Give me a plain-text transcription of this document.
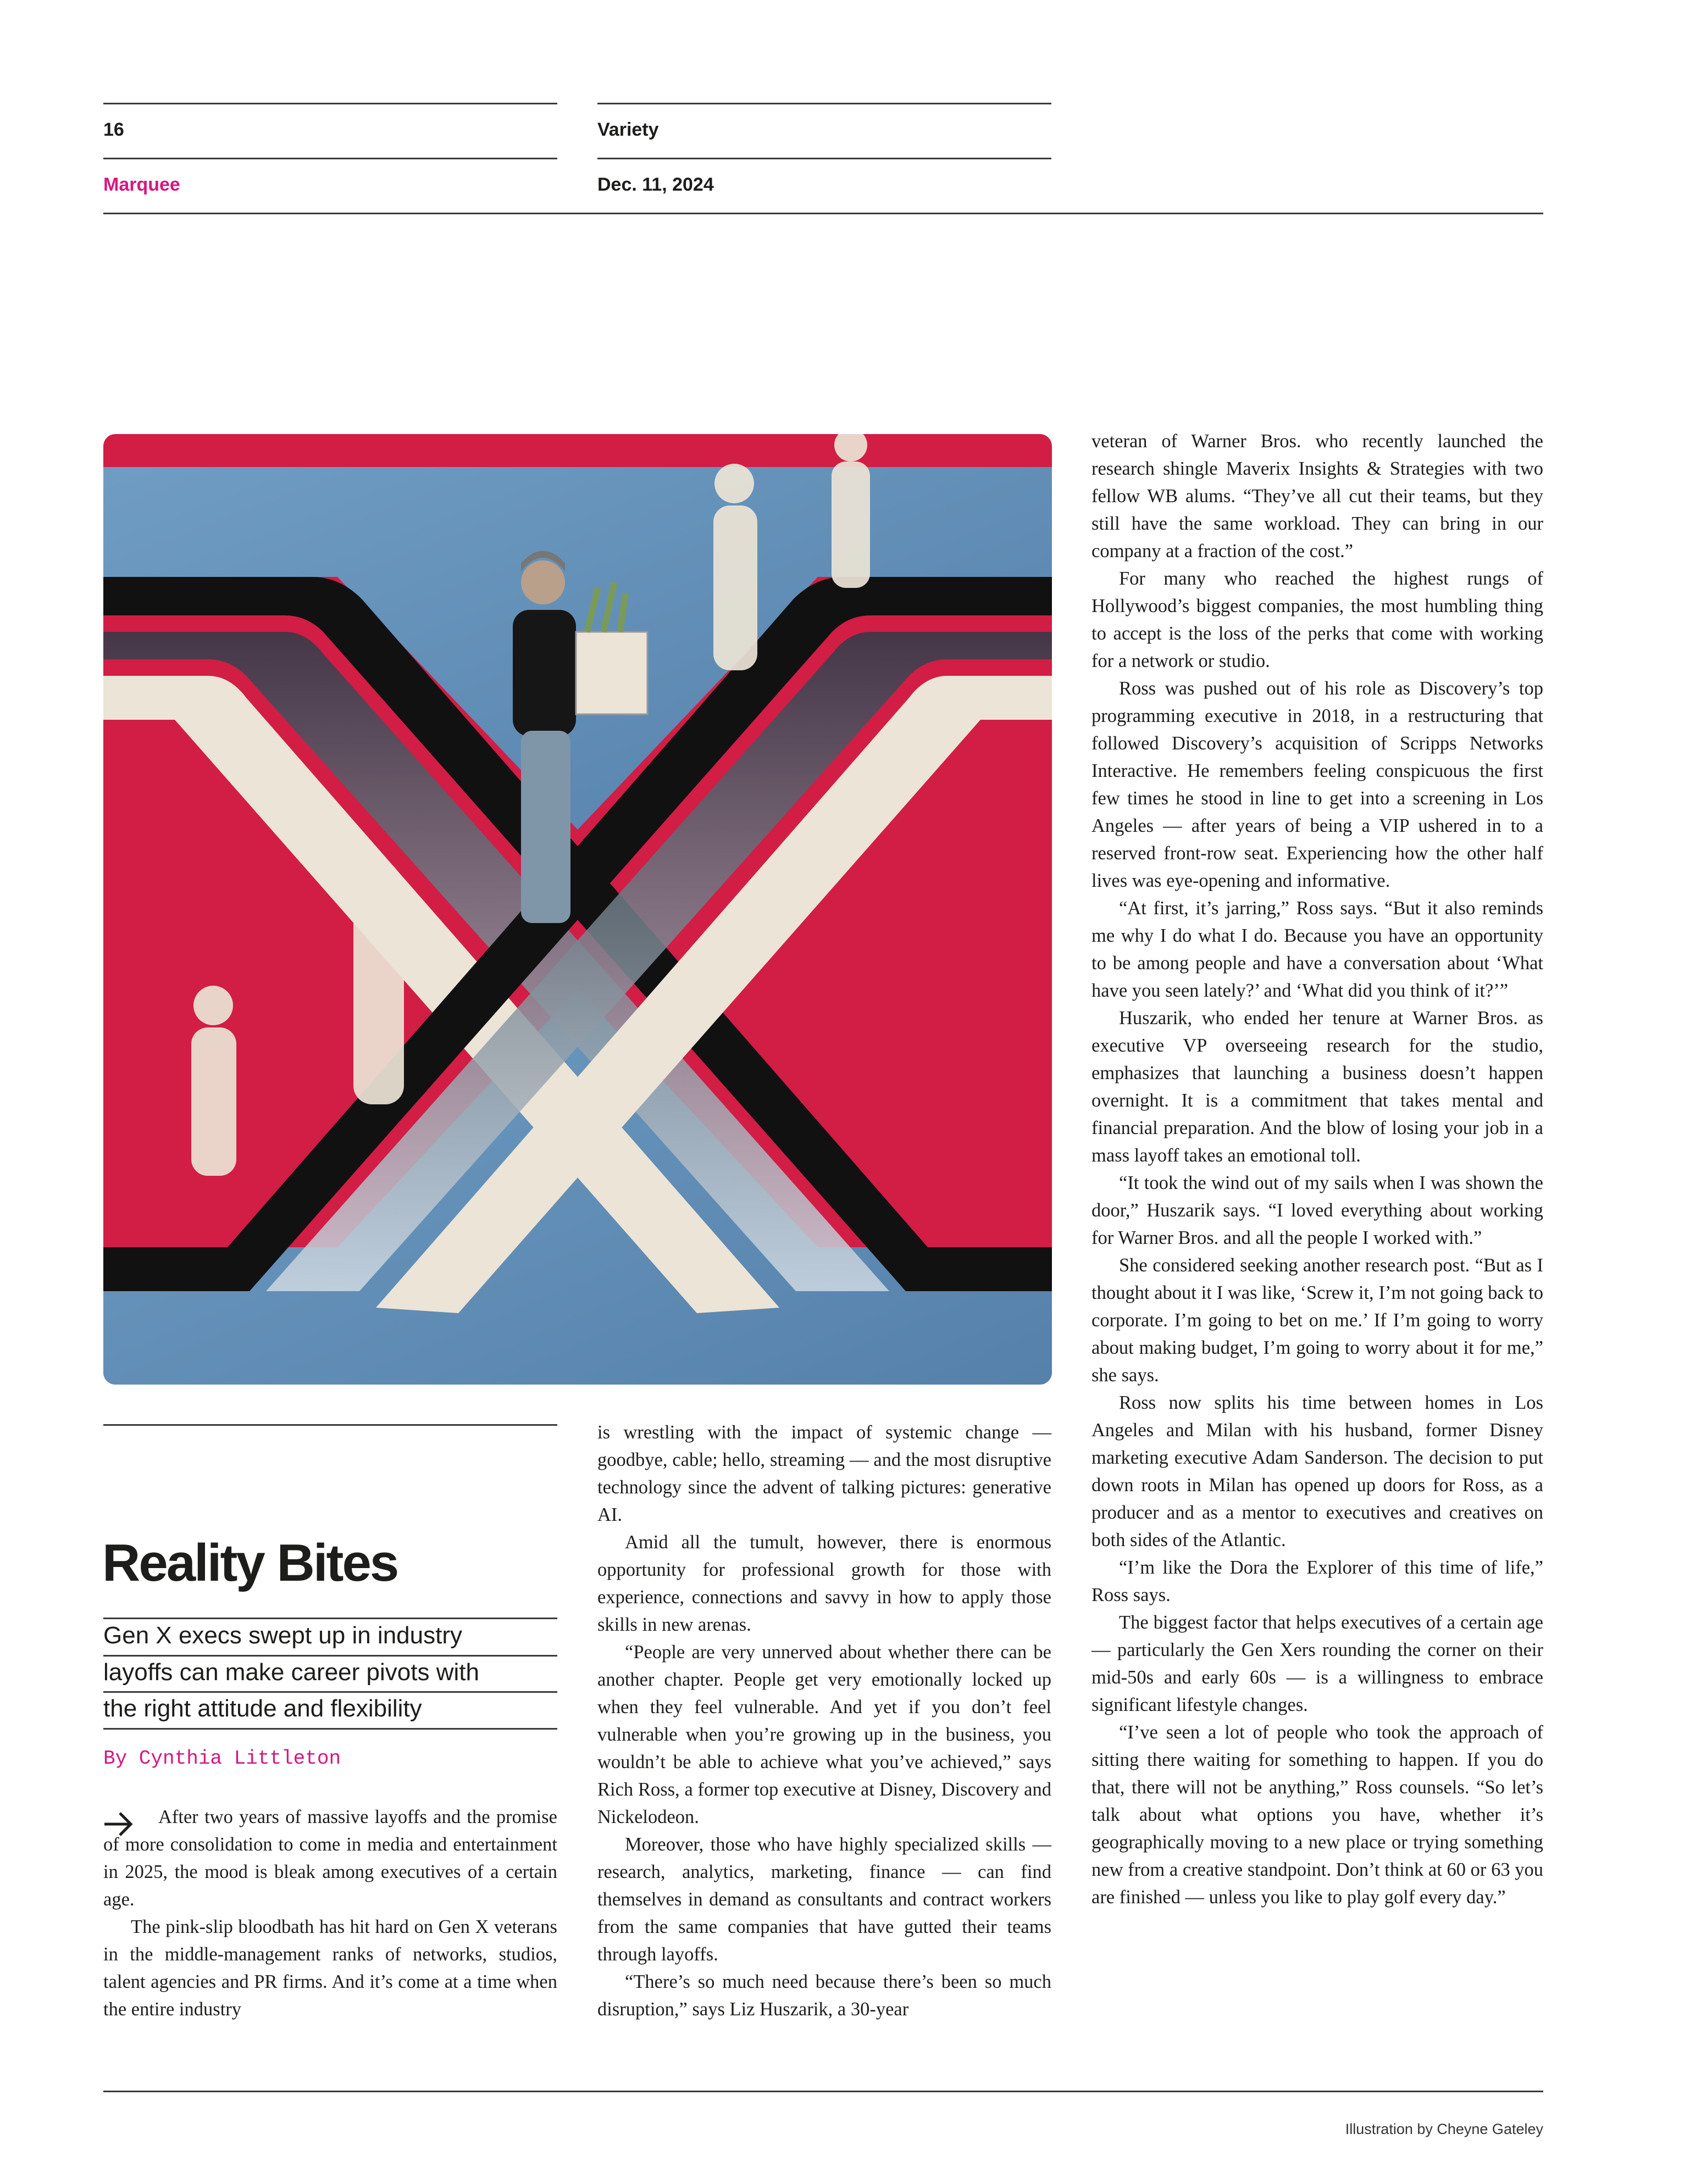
16	Variety
Marquee	Dec. 11, 2024
Reality Bites
Gen X execs swept up in industry
layoffs can make career pivots with
the right attitude and flexibility
By Cynthia Littleton

After two years of massive layoffs and the promise of more consolidation to come in media and entertainment in 2025, the mood is bleak among executives of a certain age.

The pink-slip bloodbath has hit hard on Gen X veterans in the middle-management ranks of networks, studios, talent agencies and PR firms. And it’s come at a time when the entire industry

is wrestling with the impact of systemic change — goodbye, cable; hello, streaming — and the most disruptive technology since the advent of talking pictures: generative AI.

Amid all the tumult, however, there is enormous opportunity for professional growth for those with experience, connections and savvy in how to apply those skills in new arenas.

“People are very unnerved about whether there can be another chapter. People get very emotionally locked up when they feel vulnerable. And yet if you don’t feel vulnerable when you’re growing up in the business, you wouldn’t be able to achieve what you’ve achieved,” says Rich Ross, a former top executive at Disney, Discovery and Nickelodeon.

Moreover, those who have highly specialized skills — research, analytics, marketing, finance — can find themselves in demand as consultants and contract workers from the same companies that have gutted their teams through layoffs.

“There’s so much need because there’s been so much disruption,” says Liz Huszarik, a 30-year

veteran of Warner Bros. who recently launched the research shingle Maverix Insights & Strategies with two fellow WB alums. “They’ve all cut their teams, but they still have the same workload. They can bring in our company at a fraction of the cost.”

For many who reached the highest rungs of Hollywood’s biggest companies, the most humbling thing to accept is the loss of the perks that come with working for a network or studio.

Ross was pushed out of his role as Discovery’s top programming executive in 2018, in a restructuring that followed Discovery’s acquisition of Scripps Networks Interactive. He remembers feeling conspicuous the first few times he stood in line to get into a screening in Los Angeles — after years of being a VIP ushered in to a reserved front-row seat. Experiencing how the other half lives was eye-opening and informative.

“At first, it’s jarring,” Ross says. “But it also reminds me why I do what I do. Because you have an opportunity to be among people and have a conversation about ‘What have you seen lately?’ and ‘What did you think of it?’”

Huszarik, who ended her tenure at Warner Bros. as executive VP overseeing research for the studio, emphasizes that launching a business doesn’t happen overnight. It is a commitment that takes mental and financial preparation. And the blow of losing your job in a mass layoff takes an emotional toll.

“It took the wind out of my sails when I was shown the door,” Huszarik says. “I loved everything about working for Warner Bros. and all the people I worked with.”

She considered seeking another research post. “But as I thought about it I was like, ‘Screw it, I’m not going back to corporate. I’m going to bet on me.’ If I’m going to worry about making budget, I’m going to worry about it for me,” she says.

Ross now splits his time between homes in Los Angeles and Milan with his husband, former Disney marketing executive Adam Sanderson. The decision to put down roots in Milan has opened up doors for Ross, as a producer and as a mentor to executives and creatives on both sides of the Atlantic.

“I’m like the Dora the Explorer of this time of life,” Ross says.

The biggest factor that helps executives of a certain age — particularly the Gen Xers rounding the corner on their mid-50s and early 60s — is a willingness to embrace significant lifestyle changes.

“I’ve seen a lot of people who took the approach of sitting there waiting for something to happen. If you do that, there will not be anything,” Ross counsels. “So let’s talk about what options you have, whether it’s geographically moving to a new place or trying something new from a creative standpoint. Don’t think at 60 or 63 you are finished — unless you like to play golf every day.”

Illustration by Cheyne Gateley
